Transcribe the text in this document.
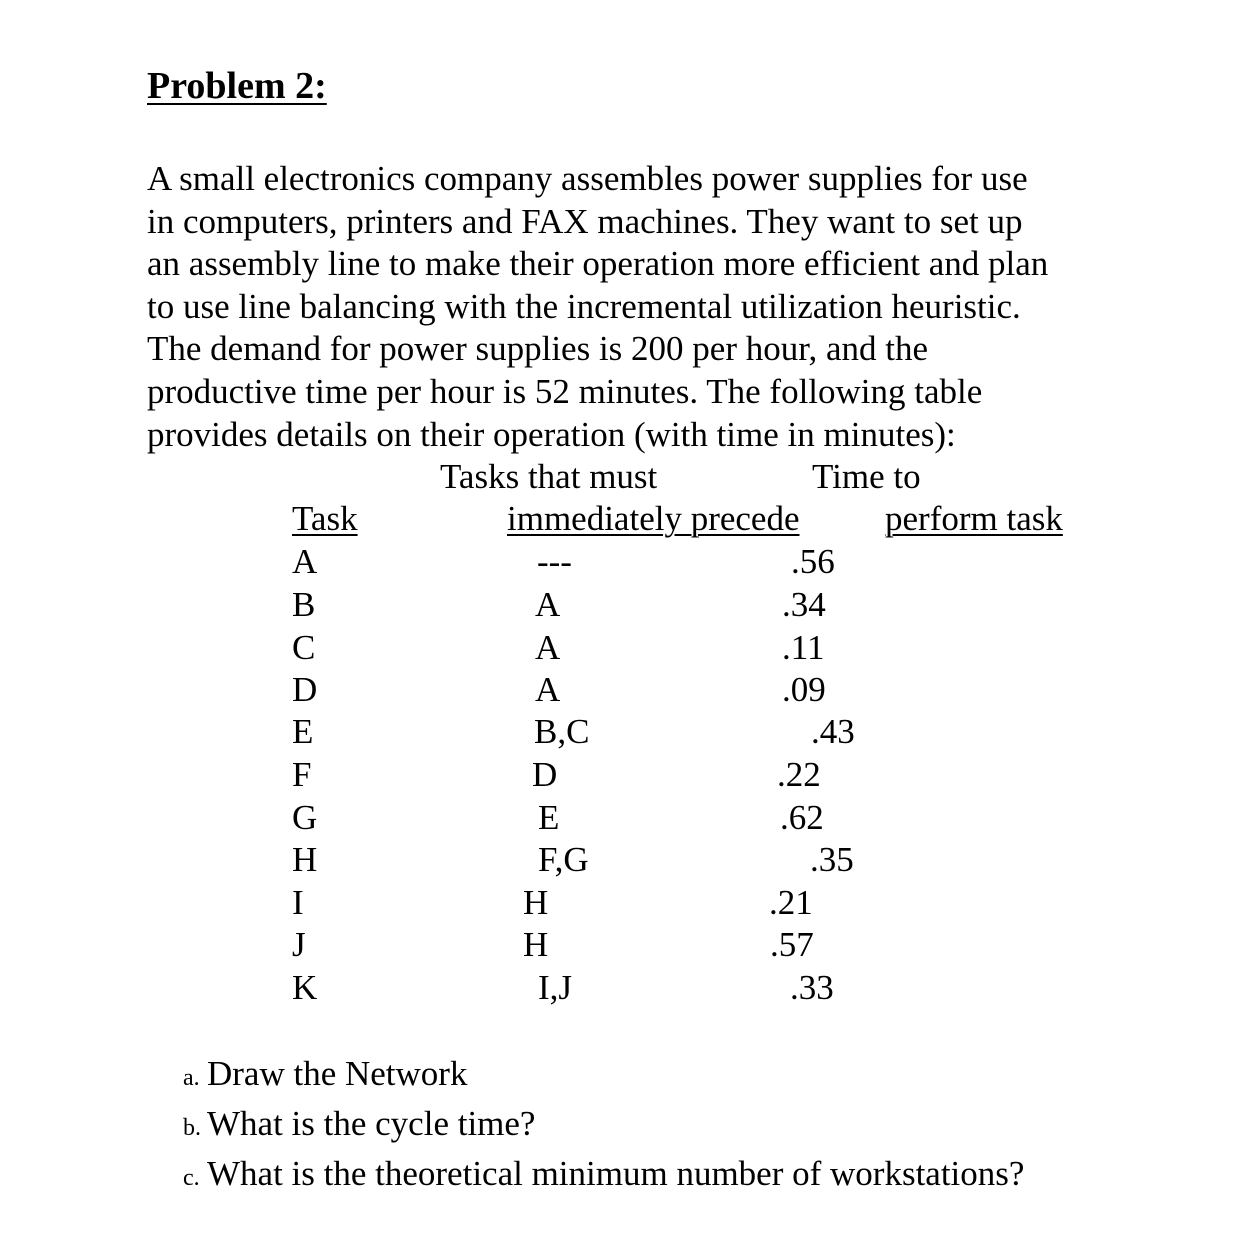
Problem 2:
A small electronics company assembles power supplies for use
in computers, printers and FAX machines. They want to set up
an assembly line to make their operation more efficient and plan
to use line balancing with the incremental utilization heuristic.
The demand for power supplies is 200 per hour, and the
productive time per hour is 52 minutes. The following table
provides details on their operation (with time in minutes):
Tasks that must	Time to
Task	immediately precede perform task
A	---	.56
B	A	.34
C	A	.11
D	A	.09
E	B,C	.43
F	D	.22
G	E	.62
H	F,G	.35
I	H	.21
J	H	.57
K	I,J	.33
a. Draw the Network
b. What is the cycle time?
c. What is the theoretical minimum number of workstations?
